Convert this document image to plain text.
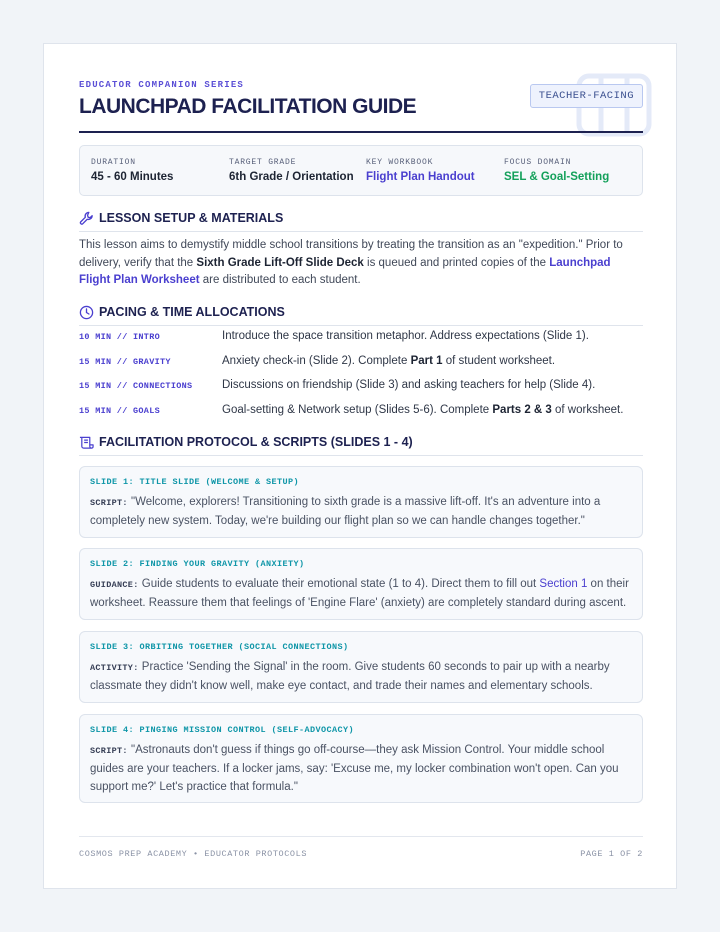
EDUCATOR COMPANION SERIES
LAUNCHPAD FACILITATION GUIDE	TEACHER-FACING
DURATION
45 - 60 Minutes
TARGET GRADE
6th Grade / Orientation
KEY WORKBOOK
Flight Plan Handout
FOCUS DOMAIN
SEL & Goal-Setting
LESSON SETUP & MATERIALS
This lesson aims to demystify middle school transitions by treating the transition as an "expedition." Prior to delivery, verify that the Sixth Grade Lift-Off Slide Deck is queued and printed copies of the Launchpad Flight Plan Worksheet are distributed to each student.
PACING & TIME ALLOCATIONS
10 MIN // INTRO	Introduce the space transition metaphor. Address expectations (Slide 1).
15 MIN // GRAVITY	Anxiety check-in (Slide 2). Complete Part 1 of student worksheet.
15 MIN // CONNECTIONS	Discussions on friendship (Slide 3) and asking teachers for help (Slide 4).
15 MIN // GOALS	Goal-setting & Network setup (Slides 5-6). Complete Parts 2 & 3 of worksheet.
FACILITATION PROTOCOL & SCRIPTS (SLIDES 1 - 4)
SLIDE 1: TITLE SLIDE (WELCOME & SETUP)
SCRIPT: "Welcome, explorers! Transitioning to sixth grade is a massive lift-off. It's an adventure into a completely new system. Today, we're building our flight plan so we can handle changes together."
SLIDE 2: FINDING YOUR GRAVITY (ANXIETY)
GUIDANCE: Guide students to evaluate their emotional state (1 to 4). Direct them to fill out Section 1 on their worksheet. Reassure them that feelings of 'Engine Flare' (anxiety) are completely standard during ascent.
SLIDE 3: ORBITING TOGETHER (SOCIAL CONNECTIONS)
ACTIVITY: Practice 'Sending the Signal' in the room. Give students 60 seconds to pair up with a nearby classmate they didn't know well, make eye contact, and trade their names and elementary schools.
SLIDE 4: PINGING MISSION CONTROL (SELF-ADVOCACY)
SCRIPT: "Astronauts don't guess if things go off-course—they ask Mission Control. Your middle school guides are your teachers. If a locker jams, say: 'Excuse me, my locker combination won't open. Can you support me?' Let's practice that formula."
COSMOS PREP ACADEMY • EDUCATOR PROTOCOLS	PAGE 1 OF 2
